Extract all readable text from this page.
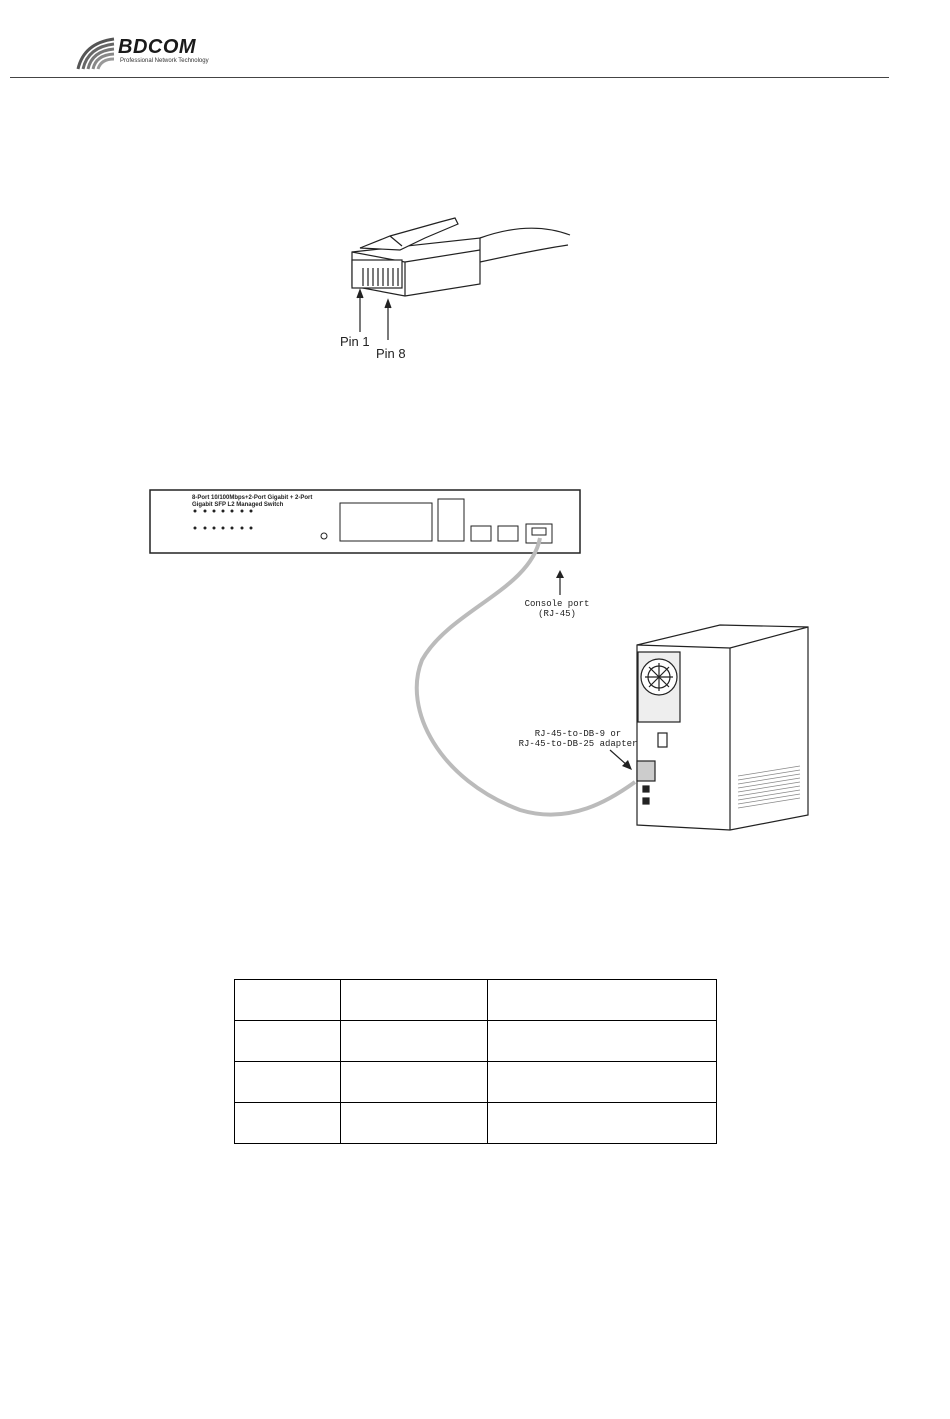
BDCOM
Professional Network Technology
Pin 1
Pin 8
8-Port 10/100Mbps+2-Port Gigabit + 2-Port
Gigabit SFP L2 Managed Switch
Console port
(RJ-45)
RJ-45-to-DB-9 or
RJ-45-to-DB-25 adapter
